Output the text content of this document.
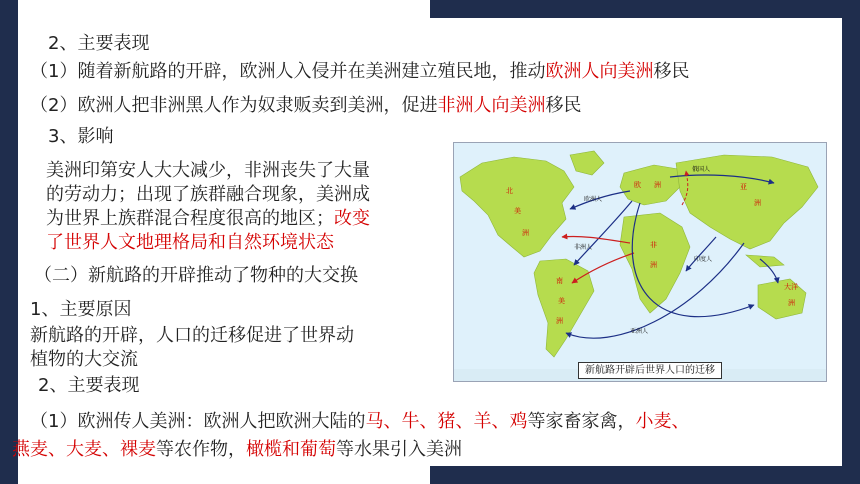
2、主要表现
（1）随着新航路的开辟，欧洲人入侵并在美洲建立殖民地，推动欧洲人向美洲移民
（2）欧洲人把非洲黑人作为奴隶贩卖到美洲，促进非洲人向美洲移民
3、影响
美洲印第安人大大减少，非洲丧失了大量
的劳动力；出现了族群融合现象，美洲成
为世界上族群混合程度很高的地区；改变
了世界人文地理格局和自然环境状态
（二）新航路的开辟推动了物种的大交换
1、主要原因
新航路的开辟，人口的迁移促进了世界动
植物的大交流
2、主要表现
（1）欧洲传人美洲：欧洲人把欧洲大陆的马、牛、猪、羊、鸡等家畜家禽，小麦、
燕麦、大麦、裸麦等农作物，橄榄和葡萄等水果引入美洲
北
美
洲
欧 洲	亚
洲
非
洲
南
美
洲
大洋
洲
俄国人
欧洲人
非洲人
印度人
亚洲人
新航路开辟后世界人口的迁移
